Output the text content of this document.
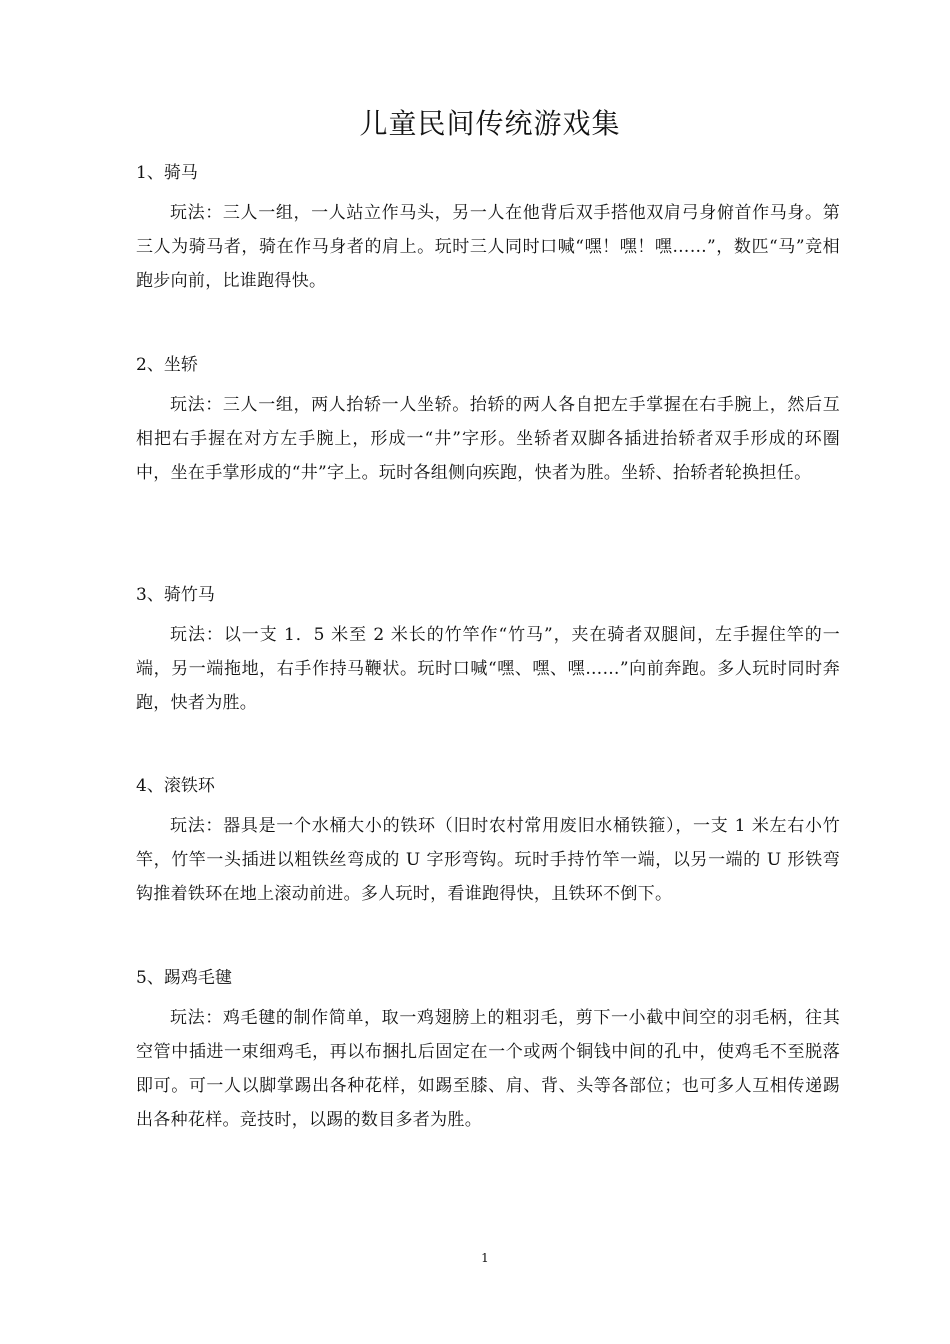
儿童民间传统游戏集

1、骑马

玩法：三人一组，一人站立作马头，另一人在他背后双手搭他双肩弓身俯首作马身。第三人为骑马者，骑在作马身者的肩上。玩时三人同时口喊“嘿！嘿！嘿……”，数匹“马”竞相跑步向前，比谁跑得快。

2、坐轿

玩法：三人一组，两人抬轿一人坐轿。抬轿的两人各自把左手掌握在右手腕上，然后互相把右手握在对方左手腕上，形成一“井”字形。坐轿者双脚各插进抬轿者双手形成的环圈中，坐在手掌形成的“井”字上。玩时各组侧向疾跑，快者为胜。坐轿、抬轿者轮换担任。

3、骑竹马

玩法：以一支 1．5 米至 2 米长的竹竿作“竹马”，夹在骑者双腿间，左手握住竿的一端，另一端拖地，右手作持马鞭状。玩时口喊“嘿、嘿、嘿……”向前奔跑。多人玩时同时奔跑，快者为胜。

4、滚铁环

玩法：器具是一个水桶大小的铁环（旧时农村常用废旧水桶铁箍），一支 1 米左右小竹竿，竹竿一头插进以粗铁丝弯成的 U 字形弯钩。玩时手持竹竿一端，以另一端的 U 形铁弯钩推着铁环在地上滚动前进。多人玩时，看谁跑得快，且铁环不倒下。

5、踢鸡毛毽

玩法：鸡毛毽的制作简单，取一鸡翅膀上的粗羽毛，剪下一小截中间空的羽毛柄，往其空管中插进一束细鸡毛，再以布捆扎后固定在一个或两个铜钱中间的孔中，使鸡毛不至脱落即可。可一人以脚掌踢出各种花样，如踢至膝、肩、背、头等各部位；也可多人互相传递踢出各种花样。竞技时，以踢的数目多者为胜。

1
